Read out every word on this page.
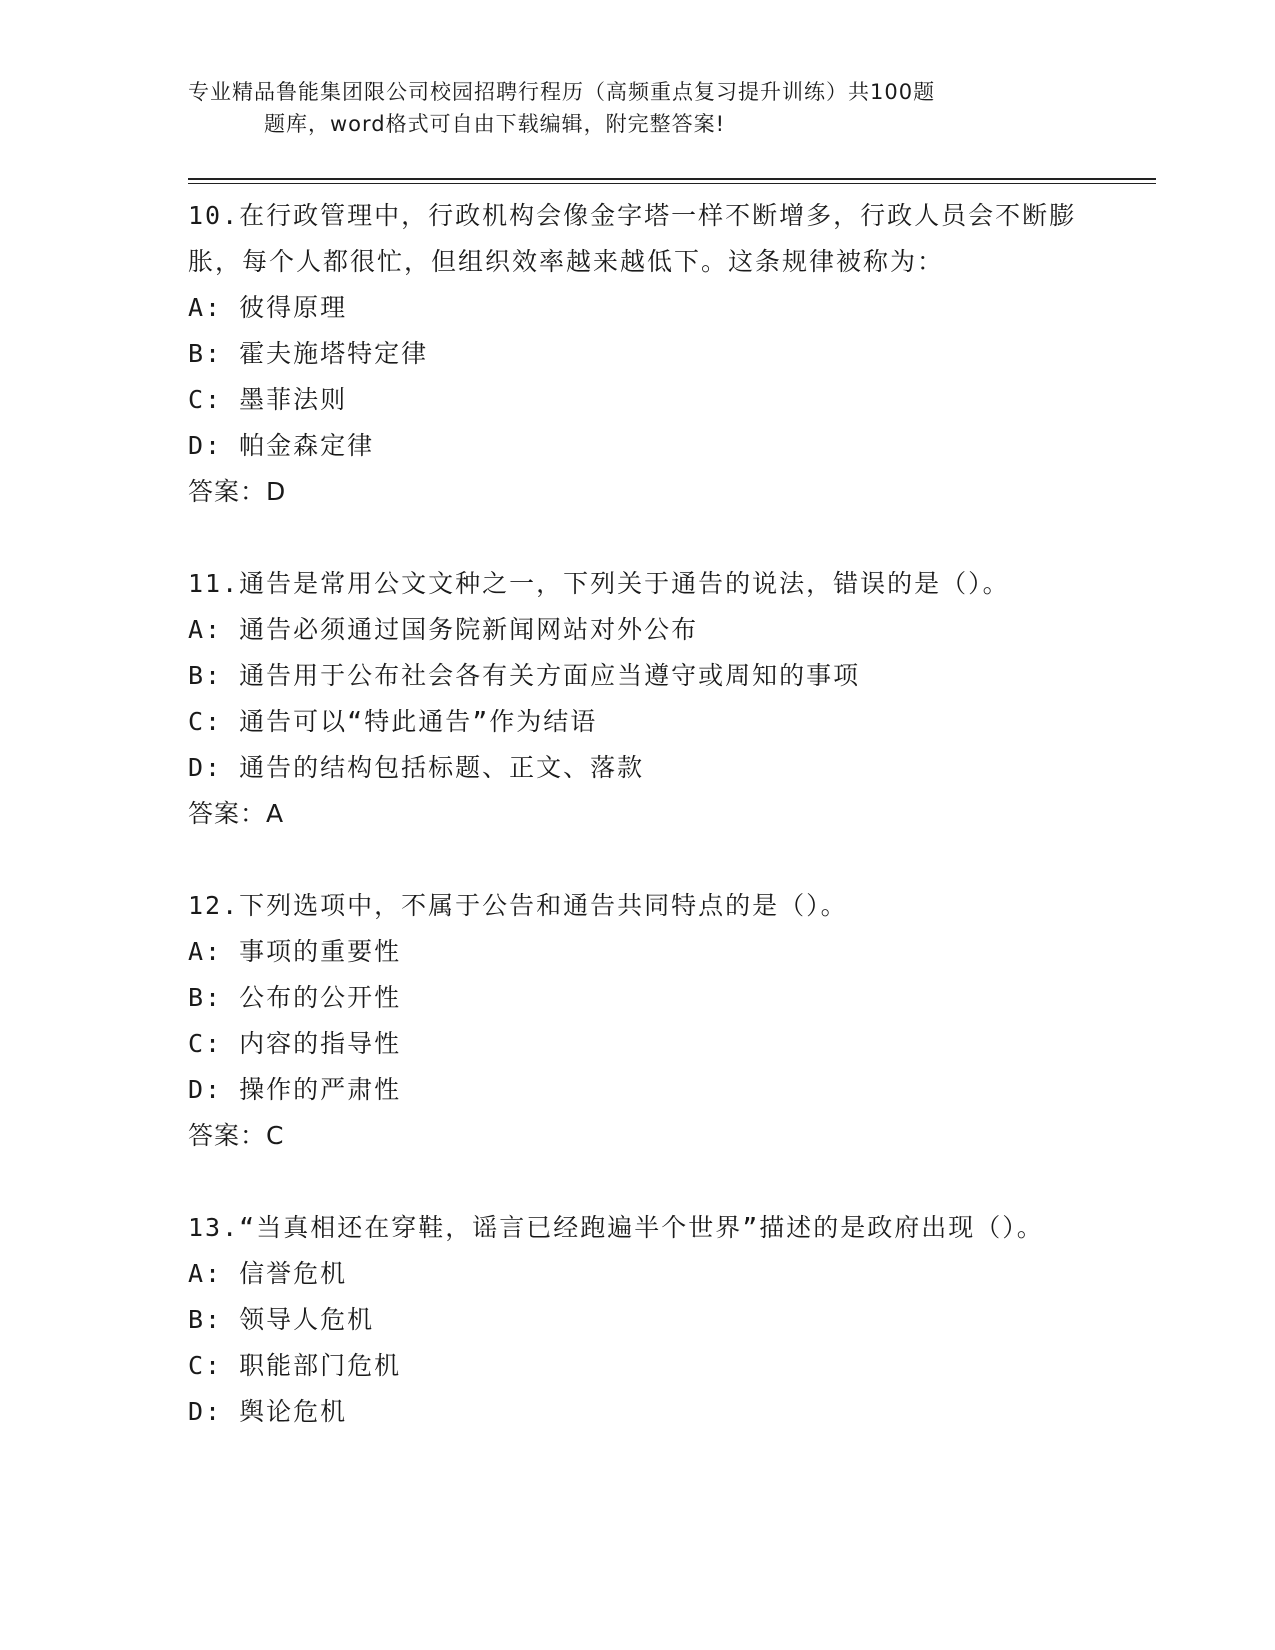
专业精品鲁能集团限公司校园招聘行程历（高频重点复习提升训练）共100题
题库，word格式可自由下载编辑，附完整答案!
10.在行政管理中，行政机构会像金字塔一样不断增多，行政人员会不断膨胀，每个人都很忙，但组织效率越来越低下。这条规律被称为：
A: 彼得原理
B: 霍夫施塔特定律
C: 墨菲法则
D: 帕金森定律
答案：D
11.通告是常用公文文种之一，下列关于通告的说法，错误的是（）。
A: 通告必须通过国务院新闻网站对外公布
B: 通告用于公布社会各有关方面应当遵守或周知的事项
C: 通告可以“特此通告”作为结语
D: 通告的结构包括标题、正文、落款
答案：A
12.下列选项中，不属于公告和通告共同特点的是（）。
A: 事项的重要性
B: 公布的公开性
C: 内容的指导性
D: 操作的严肃性
答案：C
13.“当真相还在穿鞋，谣言已经跑遍半个世界”描述的是政府出现（）。
A: 信誉危机
B: 领导人危机
C: 职能部门危机
D: 舆论危机
